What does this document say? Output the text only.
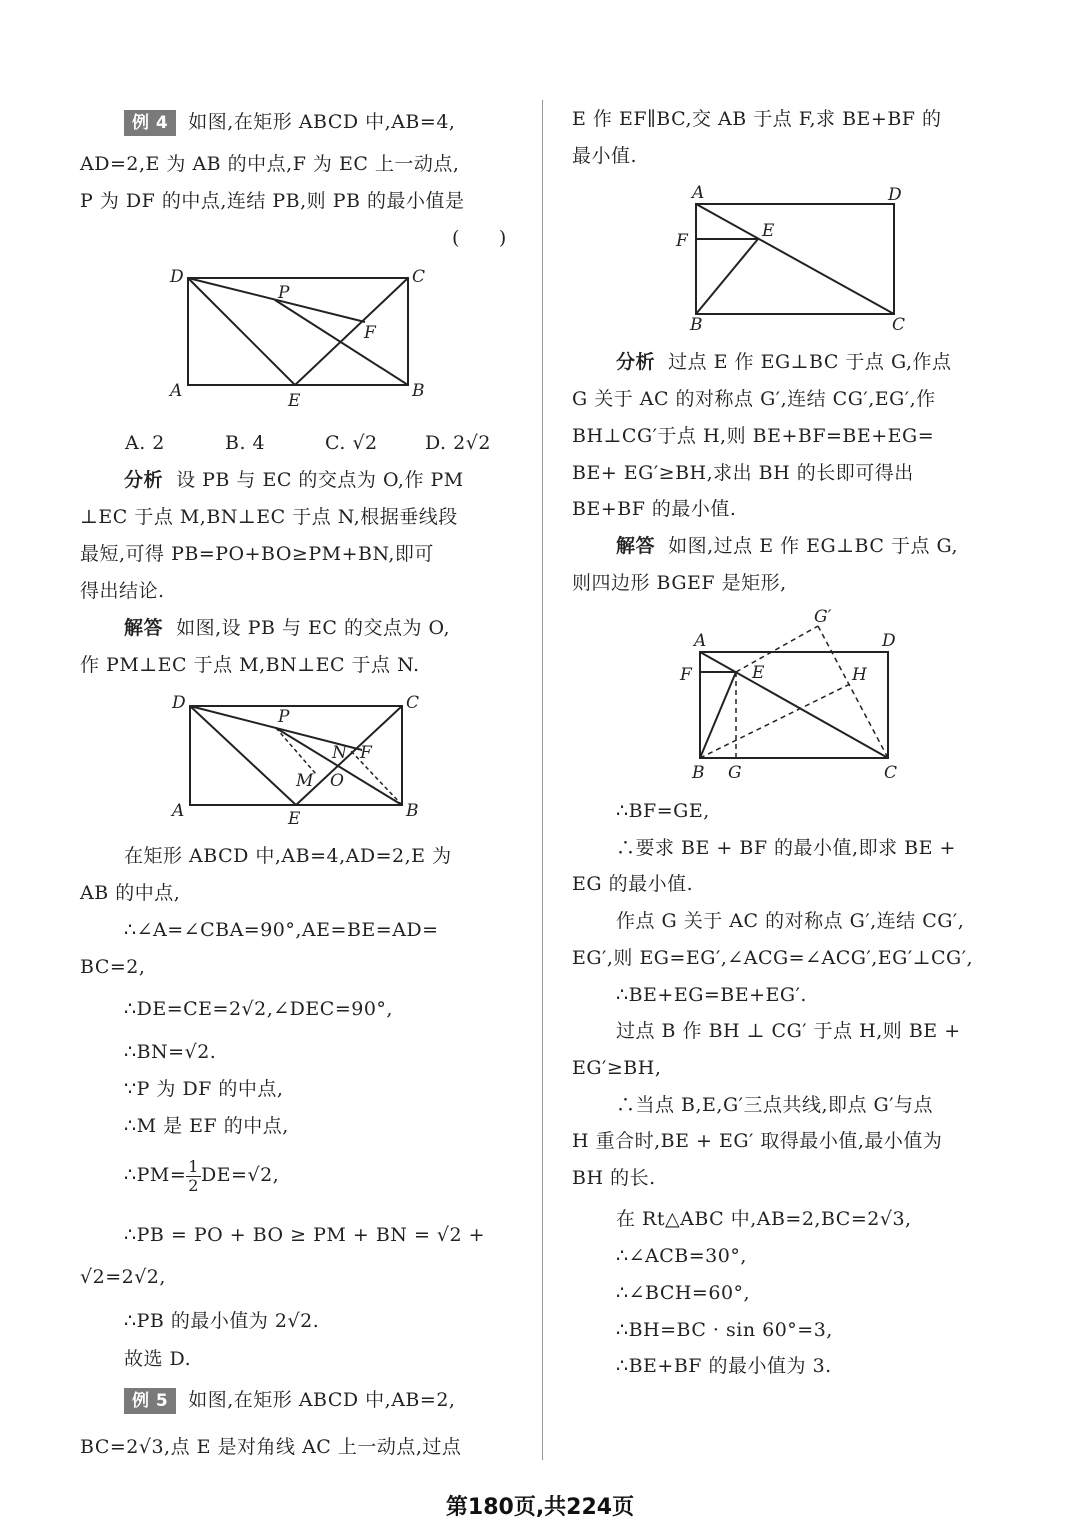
例 4 如图,在矩形 ABCD 中,AB=4,
AD=2,E 为 AB 的中点,F 为 EC 上一动点,
P 为 DF 的中点,连结 PB,则 PB 的最小值是
(　　)
D	C
A	B
E
P
F
A. 2	B. 4	C. √2 D. 2√2
分析 设 PB 与 EC 的交点为 O,作 PM
⊥EC 于点 M,BN⊥EC 于点 N,根据垂线段
最短,可得 PB=PO+BO≥PM+BN,即可
得出结论.
解答 如图,设 PB 与 EC 的交点为 O,
作 PM⊥EC 于点 M,BN⊥EC 于点 N.
D	C
A	B
E
P
F
N
M O
在矩形 ABCD 中,AB=4,AD=2,E 为
AB 的中点,
∴∠A=∠CBA=90°,AE=BE=AD=
BC=2,
∴DE=CE=2√2,∠DEC=90°,
∴BN=√2.
∵P 为 DF 的中点,
∴M 是 EF 的中点,
∴PM= $\frac{1}{2} DE=√2$,
∴PB = PO + BO ≥ PM + BN = √2 +
√2=2√2,
∴PB 的最小值为 2√2.
故选 D.
例 5 如图,在矩形 ABCD 中,AB=2,
BC=2√3,点 E 是对角线 AC 上一动点,过点
E 作 EF∥BC,交 AB 于点 F,求 BE+BF 的
最小值.
A	D
F	E
B	C
分析 过点 E 作 EG⊥BC 于点 G,作点
G 关于 AC 的对称点 G′,连结 CG′,EG′,作
BH⊥CG′于点 H,则 BE+BF=BE+EG=
BE+ EG′≥BH,求出 BH 的长即可得出
BE+BF 的最小值.
解答 如图,过点 E 作 EG⊥BC 于点 G,
则四边形 BGEF 是矩形,
G′
A	D
F	E	H
B G	C
∴BF=GE,
∴要求 BE + BF 的最小值,即求 BE +
EG 的最小值.
作点 G 关于 AC 的对称点 G′,连结 CG′,
EG′,则 EG=EG′,∠ACG=∠ACG′,EG′⊥CG′,
∴BE+EG=BE+EG′.
过点 B 作 BH ⊥ CG′ 于点 H,则 BE +
EG′≥BH,
∴当点 B,E,G′三点共线,即点 G′与点
H 重合时,BE + EG′ 取得最小值,最小值为
BH 的长.
在 Rt△ABC 中,AB=2,BC=2√3,
∴∠ACB=30°,
∴∠BCH=60°,
∴BH=BC · sin 60°=3,
∴BE+BF 的最小值为 3.
第180页,共224页
